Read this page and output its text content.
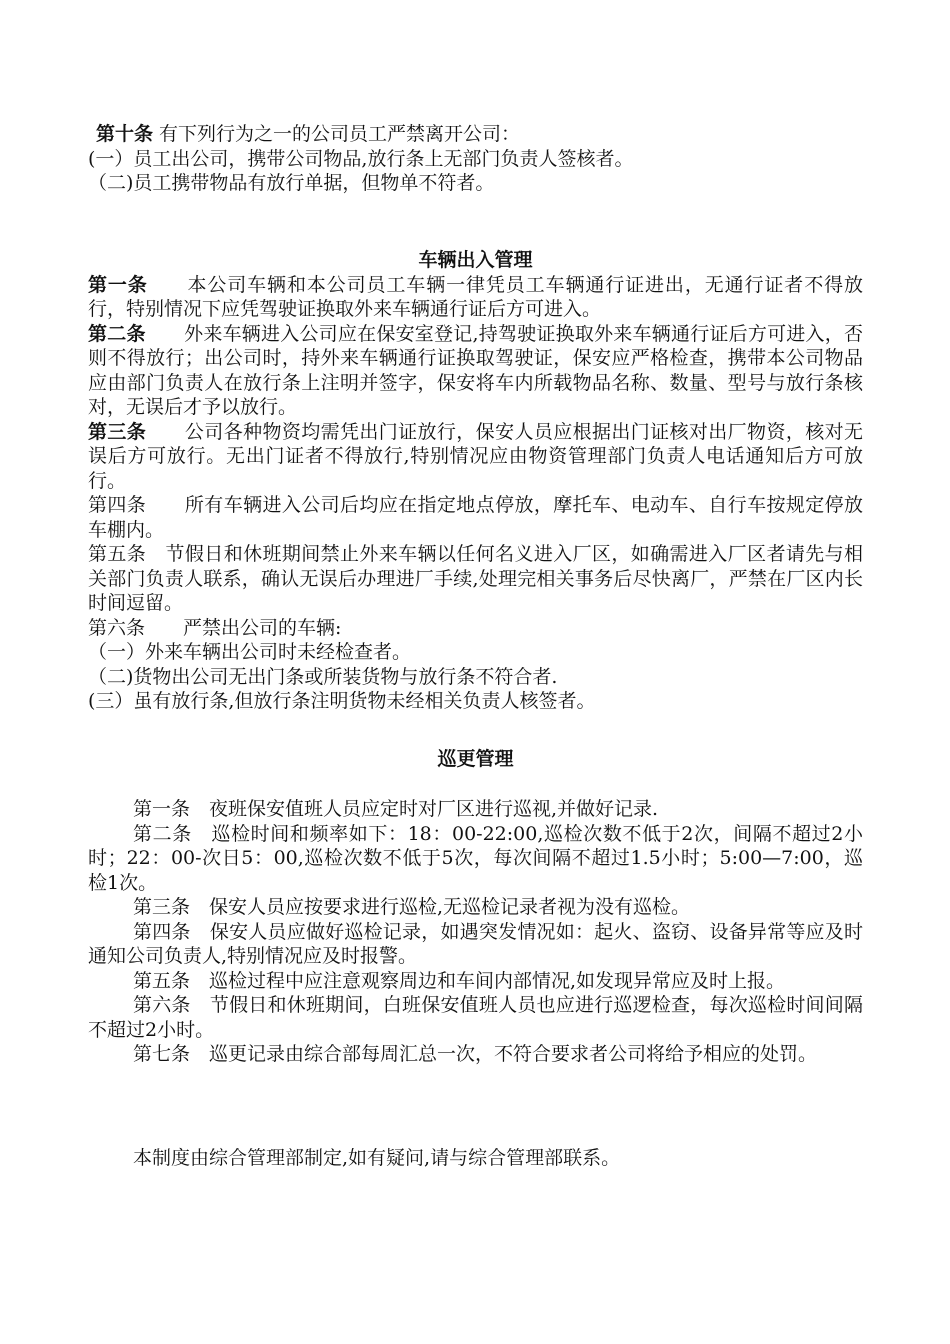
第十条 有下列行为之一的公司员工严禁离开公司：

(一）员工出公司，携带公司物品,放行条上无部门负责人签核者。

（二)员工携带物品有放行单据，但物单不符者。

车辆出入管理

第一条　　本公司车辆和本公司员工车辆一律凭员工车辆通行证进出，无通行证者不得放行，特别情况下应凭驾驶证换取外来车辆通行证后方可进入。

第二条　　外来车辆进入公司应在保安室登记,持驾驶证换取外来车辆通行证后方可进入，否则不得放行；出公司时，持外来车辆通行证换取驾驶证，保安应严格检查，携带本公司物品应由部门负责人在放行条上注明并签字，保安将车内所载物品名称、数量、型号与放行条核对，无误后才予以放行。

第三条　　公司各种物资均需凭出门证放行，保安人员应根据出门证核对出厂物资，核对无误后方可放行。无出门证者不得放行,特别情况应由物资管理部门负责人电话通知后方可放行。

第四条　　所有车辆进入公司后均应在指定地点停放，摩托车、电动车、自行车按规定停放车棚内。

第五条　节假日和休班期间禁止外来车辆以任何名义进入厂区，如确需进入厂区者请先与相关部门负责人联系，确认无误后办理进厂手续,处理完相关事务后尽快离厂，严禁在厂区内长时间逗留。

第六条　　严禁出公司的车辆:

（一）外来车辆出公司时未经检查者。

（二)货物出公司无出门条或所装货物与放行条不符合者.

(三）虽有放行条,但放行条注明货物未经相关负责人核签者。

巡更管理

第一条　夜班保安值班人员应定时对厂区进行巡视,并做好记录.

第二条　巡检时间和频率如下：18：00-22:00,巡检次数不低于2次，间隔不超过2小时；22：00-次日5：00,巡检次数不低于5次，每次间隔不超过1.5小时；5:00—7:00，巡检1次。

第三条　保安人员应按要求进行巡检,无巡检记录者视为没有巡检。

第四条　保安人员应做好巡检记录，如遇突发情况如：起火、盗窃、设备异常等应及时通知公司负责人,特别情况应及时报警。

第五条　巡检过程中应注意观察周边和车间内部情况,如发现异常应及时上报。

第六条　节假日和休班期间，白班保安值班人员也应进行巡逻检查，每次巡检时间间隔不超过2小时。

第七条　巡更记录由综合部每周汇总一次，不符合要求者公司将给予相应的处罚。

本制度由综合管理部制定,如有疑问,请与综合管理部联系。
